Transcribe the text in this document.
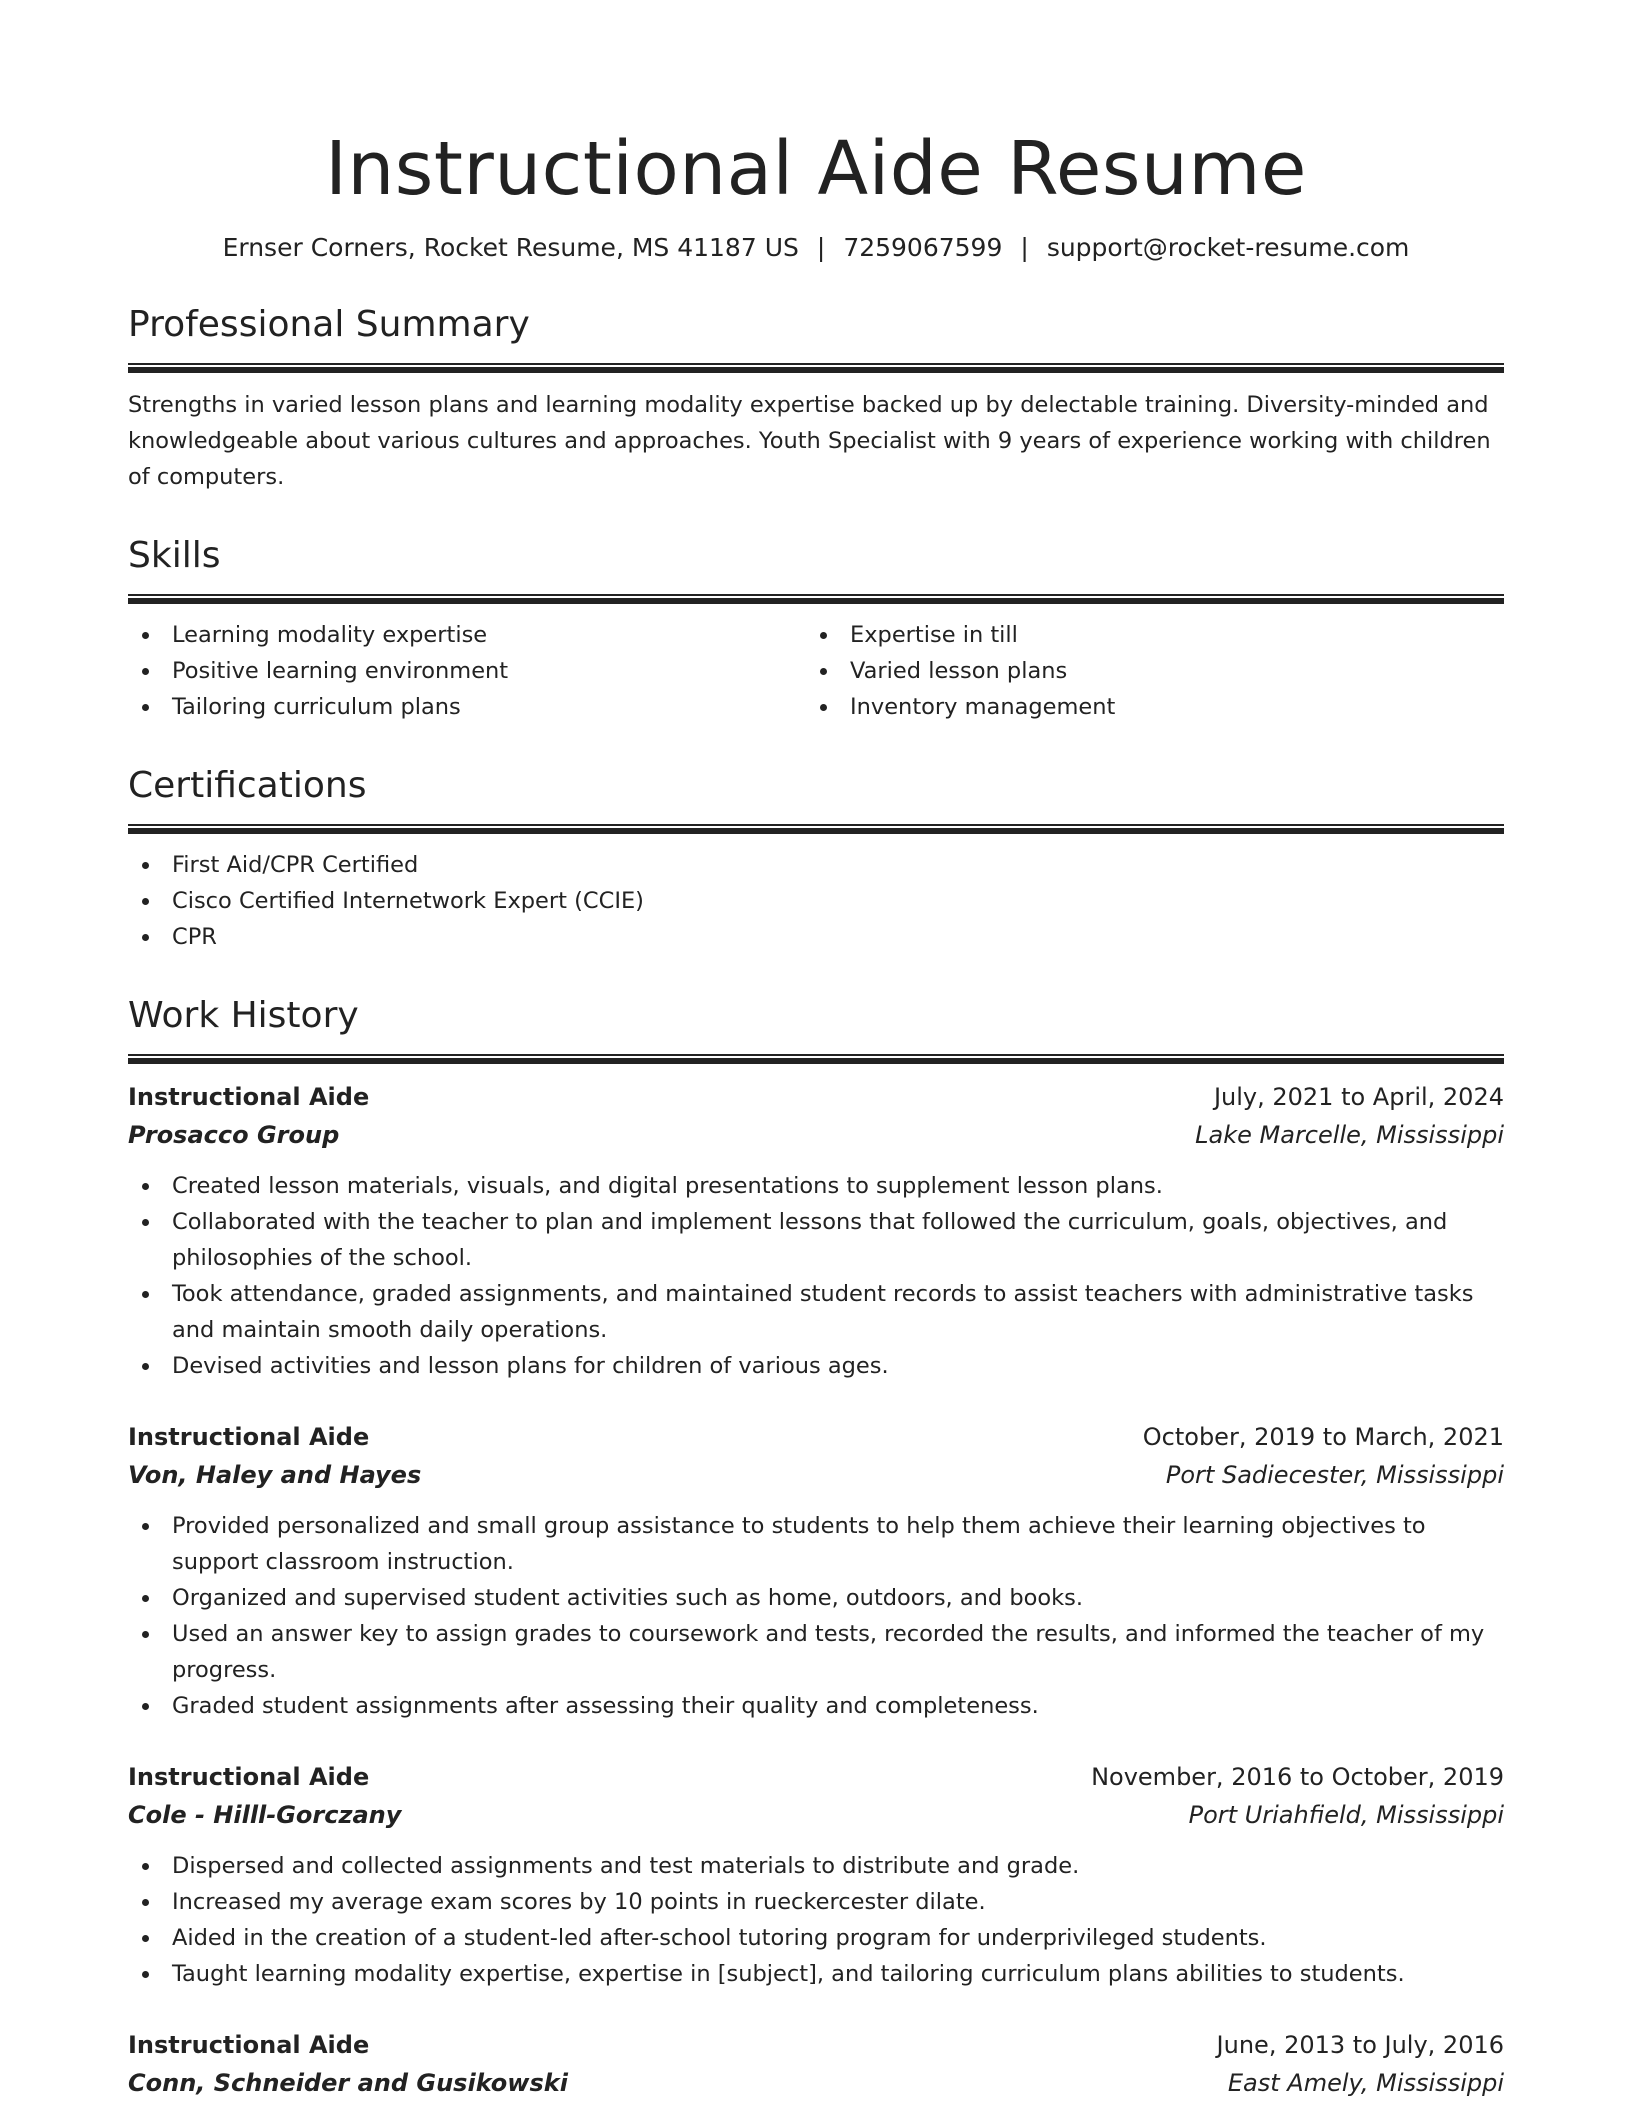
Instructional Aide Resume
Ernser Corners, Rocket Resume, MS 41187 US | 7259067599 | support@rocket-resume.com
Professional Summary

Strengths in varied lesson plans and learning modality expertise backed up by delectable training. Diversity-minded and knowledgeable about various cultures and approaches. Youth Specialist with 9 years of experience working with children of computers.

Skills
Learning modality expertise
Positive learning environment
Tailoring curriculum plans
Expertise in till
Varied lesson plans
Inventory management
Certifications
First Aid/CPR Certified
Cisco Certified Internetwork Expert (CCIE)
CPR
Work History
Instructional Aide	July, 2021 to April, 2024
Prosacco Group	Lake Marcelle, Mississippi
Created lesson materials, visuals, and digital presentations to supplement lesson plans.
Collaborated with the teacher to plan and implement lessons that followed the curriculum, goals, objectives, and philosophies of the school.
Took attendance, graded assignments, and maintained student records to assist teachers with administrative tasks and maintain smooth daily operations.
Devised activities and lesson plans for children of various ages.
Instructional Aide	October, 2019 to March, 2021
Von, Haley and Hayes	Port Sadiecester, Mississippi
Provided personalized and small group assistance to students to help them achieve their learning objectives to support classroom instruction.
Organized and supervised student activities such as home, outdoors, and books.
Used an answer key to assign grades to coursework and tests, recorded the results, and informed the teacher of my progress.
Graded student assignments after assessing their quality and completeness.
Instructional Aide	November, 2016 to October, 2019
Cole - Hilll-Gorczany	Port Uriahfield, Mississippi
Dispersed and collected assignments and test materials to distribute and grade.
Increased my average exam scores by 10 points in rueckercester dilate.
Aided in the creation of a student-led after-school tutoring program for underprivileged students.
Taught learning modality expertise, expertise in [subject], and tailoring curriculum plans abilities to students.
Instructional Aide	June, 2013 to July, 2016
Conn, Schneider and Gusikowski	East Amely, Mississippi
